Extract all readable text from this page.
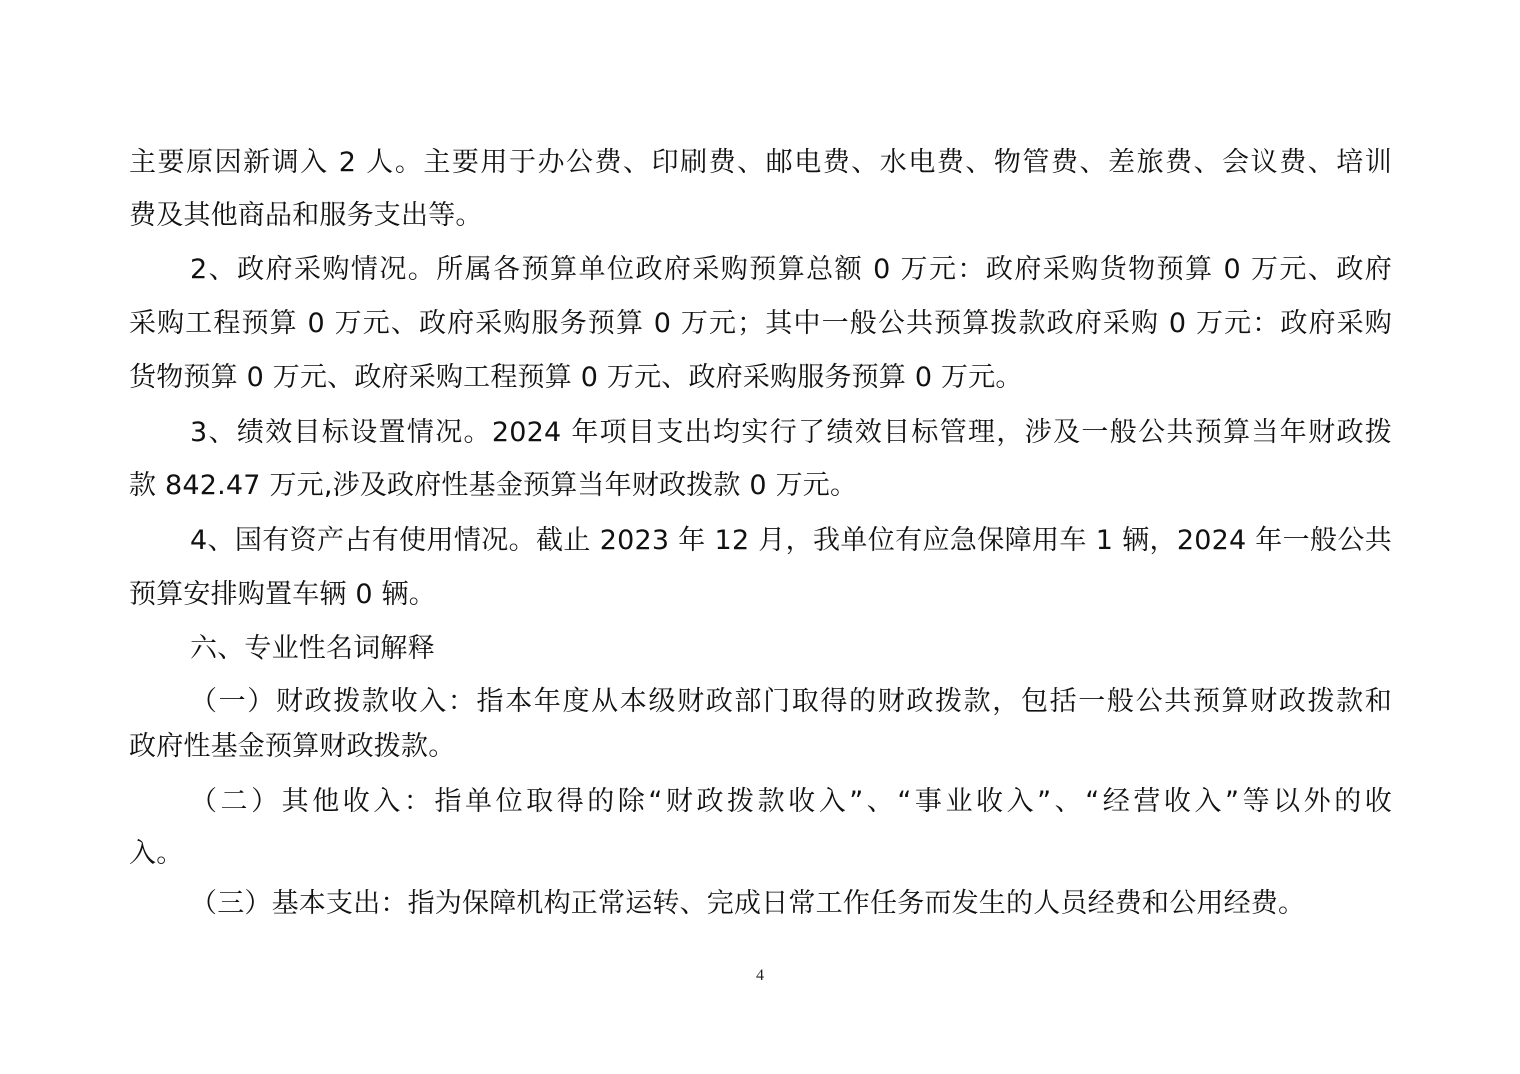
主要原因新调入 2 人。主要用于办公费、印刷费、邮电费、水电费、物管费、差旅费、会议费、培训
费及其他商品和服务支出等。
2、政府采购情况。所属各预算单位政府采购预算总额 0 万元：政府采购货物预算 0 万元、政府
采购工程预算 0 万元、政府采购服务预算 0 万元；其中一般公共预算拨款政府采购 0 万元：政府采购
货物预算 0 万元、政府采购工程预算 0 万元、政府采购服务预算 0 万元。
3、绩效目标设置情况。2024 年项目支出均实行了绩效目标管理，涉及一般公共预算当年财政拨
款 842.47 万元,涉及政府性基金预算当年财政拨款 0 万元。
4、国有资产占有使用情况。截止 2023 年 12 月，我单位有应急保障用车 1 辆，2024 年一般公共
预算安排购置车辆 0 辆。
六、专业性名词解释
（一）财政拨款收入：指本年度从本级财政部门取得的财政拨款，包括一般公共预算财政拨款和
政府性基金预算财政拨款。
（二）其他收入：指单位取得的除“财政拨款收入”、“事业收入”、“经营收入”等以外的收
入。
（三）基本支出：指为保障机构正常运转、完成日常工作任务而发生的人员经费和公用经费。
4
